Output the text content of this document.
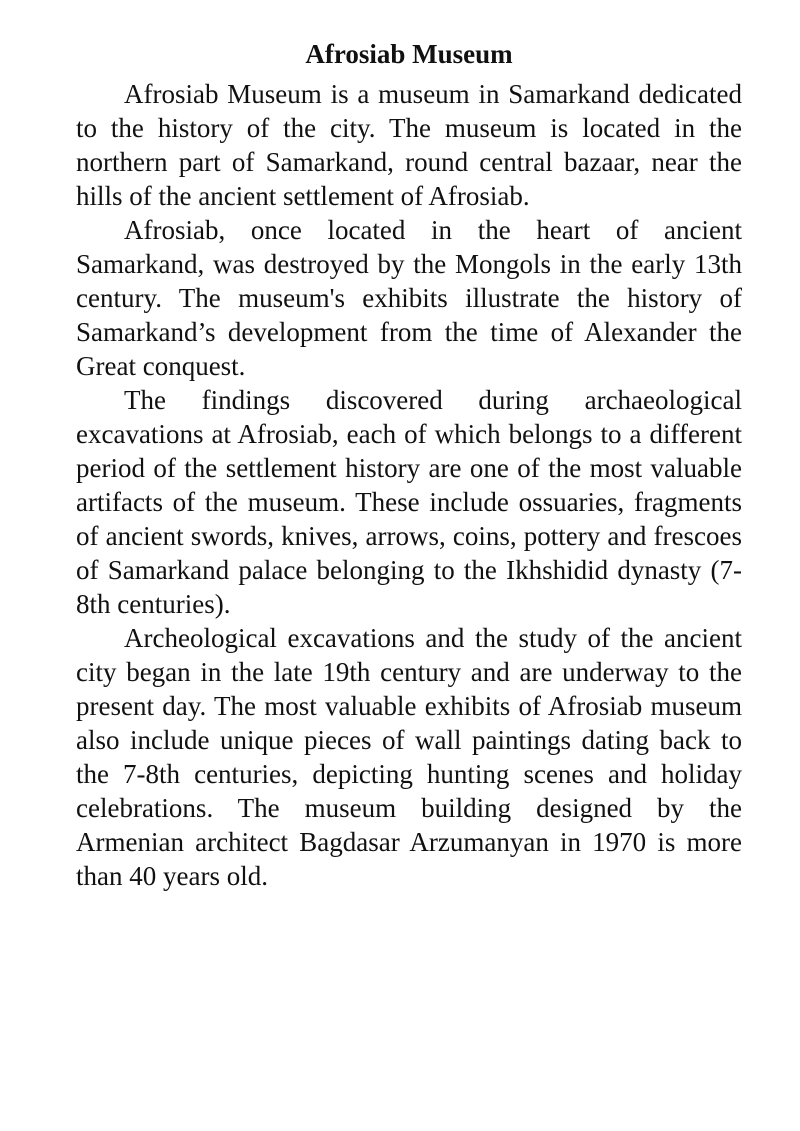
Afrosiab Museum

Afrosiab Museum is a museum in Samarkand dedicated to the history of the city. The museum is located in the northern part of Samarkand, round central bazaar, near the hills of the ancient settlement of Afrosiab.

Afrosiab, once located in the heart of ancient Samarkand, was destroyed by the Mongols in the early 13th century. The museum's exhibits illustrate the history of Samarkand’s development from the time of Alexander the Great conquest.

The findings discovered during archaeological excavations at Afrosiab, each of which belongs to a different period of the settlement history are one of the most valuable artifacts of the museum. These include ossuaries, fragments of ancient swords, knives, arrows, coins, pottery and frescoes of Samarkand palace belonging to the Ikhshidid dynasty (7-8th centuries).

Archeological excavations and the study of the ancient city began in the late 19th century and are underway to the present day. The most valuable exhibits of Afrosiab museum also include unique pieces of wall paintings dating back to the 7-8th centuries, depicting hunting scenes and holiday celebrations. The museum building designed by the Armenian architect Bagdasar Arzumanyan in 1970 is more than 40 years old.
